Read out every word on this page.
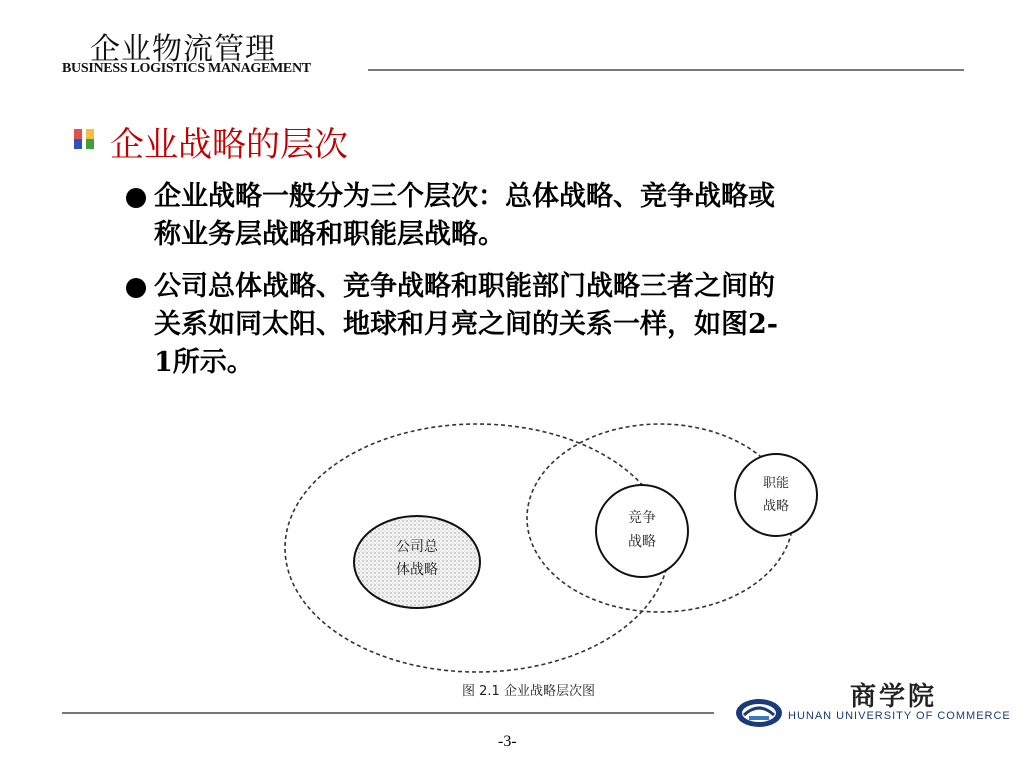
企业物流管理
BUSINESS LOGISTICS MANAGEMENT
企业战略的层次
企业战略一般分为三个层次：总体战略、竞争战略或
称业务层战略和职能层战略。
公司总体战略、竞争战略和职能部门战略三者之间的
关系如同太阳、地球和月亮之间的关系一样，如图2-
1所示。
公司总
体战略
竞争
战略
职能
战略
图 2.1 企业战略层次图	商学院
HUNAN UNIVERSITY OF COMMERCE
-3-
